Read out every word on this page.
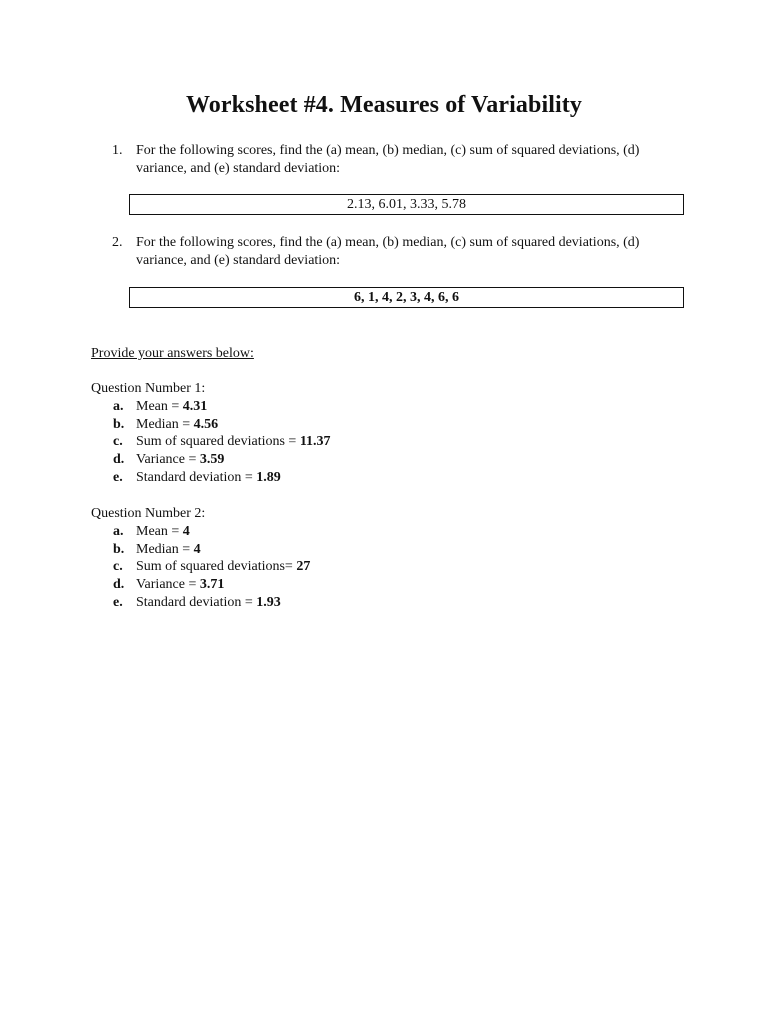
Worksheet #4. Measures of Variability
1. For the following scores, find the (a) mean, (b) median, (c) sum of squared deviations, (d) variance, and (e) standard deviation:
2.13, 6.01, 3.33, 5.78
2. For the following scores, find the (a) mean, (b) median, (c) sum of squared deviations, (d) variance, and (e) standard deviation:
6, 1, 4, 2, 3, 4, 6, 6
Provide your answers below:
Question Number 1:
a. Mean = 4.31
b. Median = 4.56
c. Sum of squared deviations = 11.37
d. Variance = 3.59
e. Standard deviation = 1.89
Question Number 2:
a. Mean = 4
b. Median = 4
c. Sum of squared deviations= 27
d. Variance = 3.71
e. Standard deviation = 1.93
